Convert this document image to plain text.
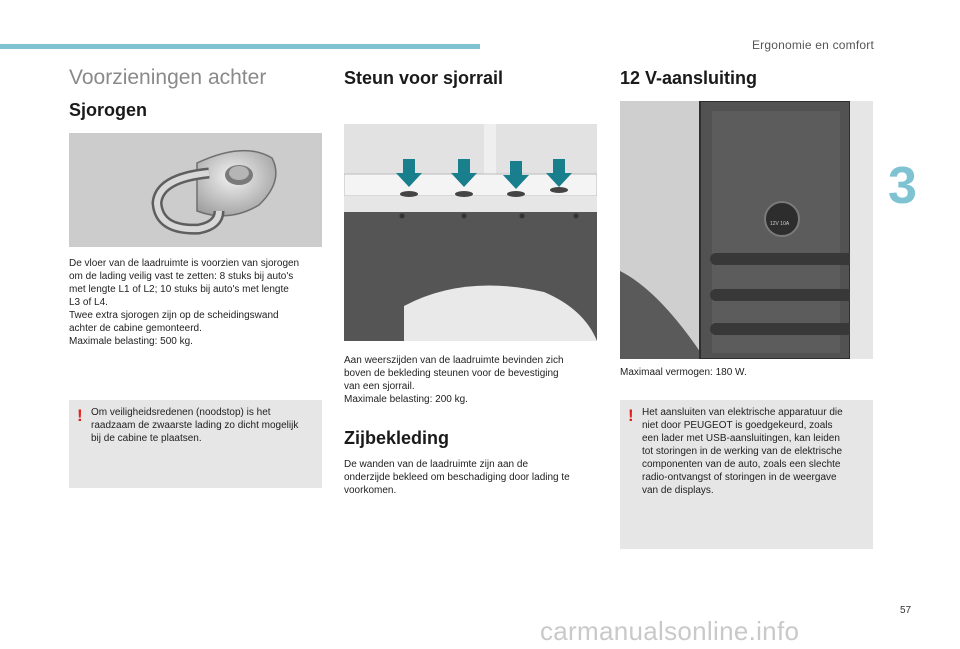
Ergonomie en comfort
3
Voorzieningen achter
Sjorogen
De vloer van de laadruimte is voorzien van sjorogen
om de lading veilig vast te zetten: 8 stuks bij auto's
met lengte L1 of L2; 10 stuks bij auto's met lengte
L3 of L4.
Twee extra sjorogen zijn op de scheidingswand
achter de cabine gemonteerd.
Maximale belasting: 500 kg.
! Om veiligheidsredenen (noodstop) is het
raadzaam de zwaarste lading zo dicht mogelijk
bij de cabine te plaatsen.
Steun voor sjorrail
Aan weerszijden van de laadruimte bevinden zich
boven de bekleding steunen voor de bevestiging
van een sjorrail.
Maximale belasting: 200 kg.
Zijbekleding
De wanden van de laadruimte zijn aan de
onderzijde bekleed om beschadiging door lading te
voorkomen.
12 V-aansluiting
12V 10A
Maximaal vermogen: 180 W.
! Het aansluiten van elektrische apparatuur die
niet door PEUGEOT is goedgekeurd, zoals
een lader met USB-aansluitingen, kan leiden
tot storingen in de werking van de elektrische
componenten van de auto, zoals een slechte
radio-ontvangst of storingen in de weergave
van de displays.
57
carmanualsonline.info
